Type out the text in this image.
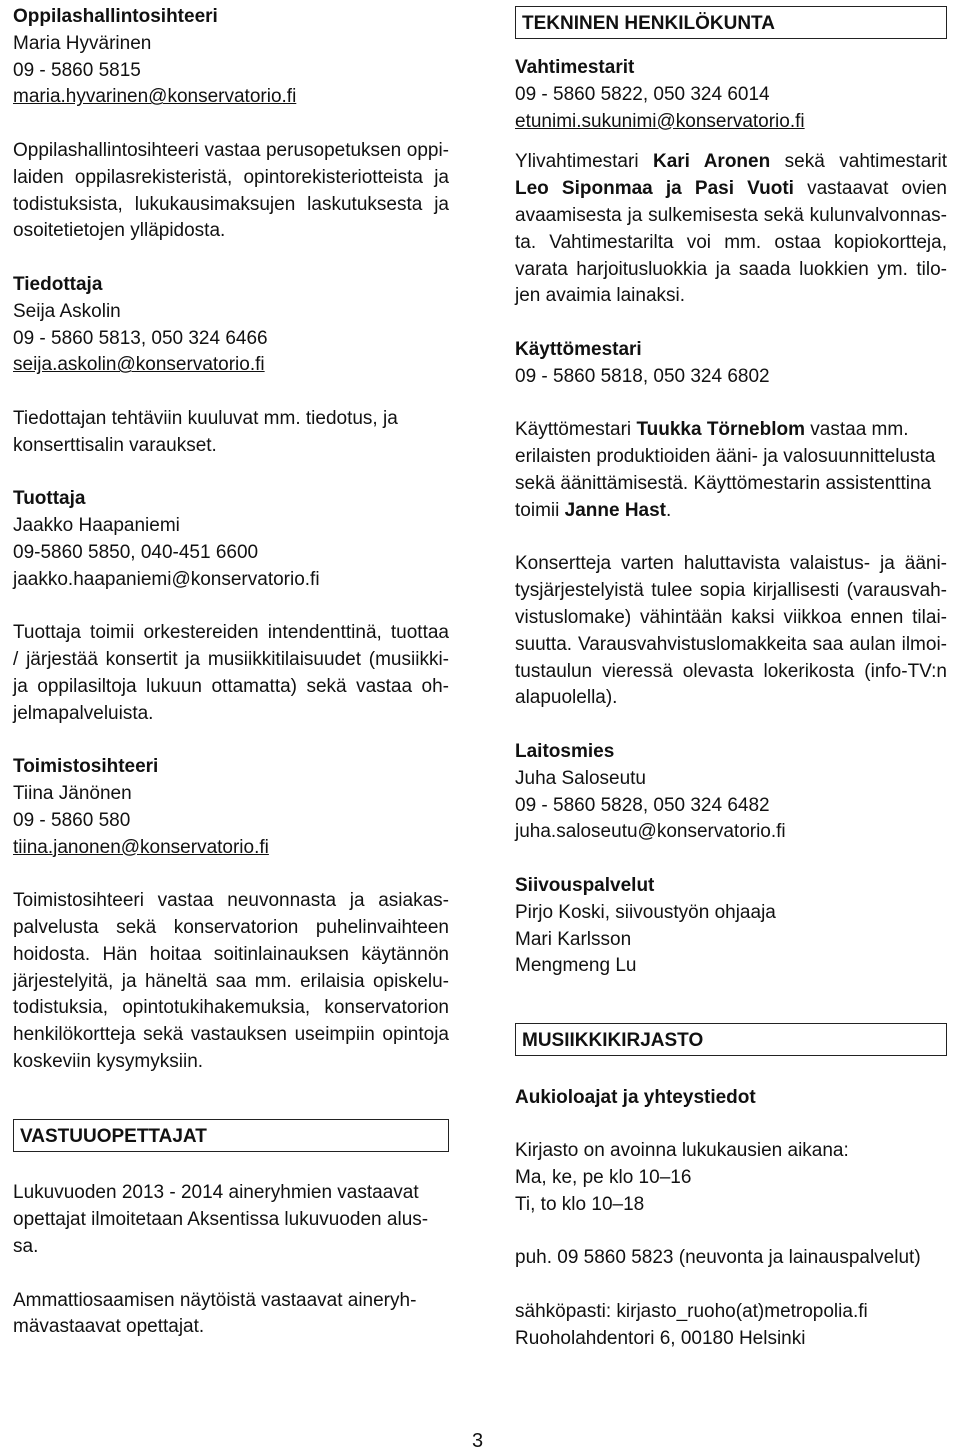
Oppilashallintosihteeri
Maria Hyvärinen
09 - 5860 5815
maria.hyvarinen@konservatorio.fi
Oppilashallintosihteeri vastaa perusopetuksen oppi-
laiden oppilasrekisteristä, opintorekisteriotteista ja
todistuksista, lukukausimaksujen laskutuksesta ja
osoitetietojen ylläpidosta.
Tiedottaja
Seija Askolin
09 - 5860 5813, 050 324 6466
seija.askolin@konservatorio.fi
Tiedottajan tehtäviin kuuluvat mm. tiedotus, ja
konserttisalin varaukset.
Tuottaja
Jaakko Haapaniemi
09-5860 5850, 040-451 6600
jaakko.haapaniemi@konservatorio.fi
Tuottaja toimii orkestereiden intendenttinä, tuottaa
/ järjestää konsertit ja musiikkitilaisuudet (musiikki-
ja oppilasiltoja lukuun ottamatta) sekä vastaa oh-
jelmapalveluista.
Toimistosihteeri
Tiina Jänönen
09 - 5860 580
tiina.janonen@konservatorio.fi
Toimistosihteeri vastaa neuvonnasta ja asiakas-
palvelusta sekä konservatorion puhelinvaihteen
hoidosta. Hän hoitaa soitinlainauksen käytännön
järjestelyitä, ja häneltä saa mm. erilaisia opiskelu-
todistuksia, opintotukihakemuksia, konservatorion
henkilökortteja sekä vastauksen useimpiin opintoja
koskeviin kysymyksiin.
VASTUUOPETTAJAT
Lukuvuoden 2013 - 2014 aineryhmien vastaavat
opettajat ilmoitetaan Aksentissa lukuvuoden alus-
sa.
Ammattiosaamisen näytöistä vastaavat aineryh-
mävastaavat opettajat.
TEKNINEN HENKILÖKUNTA
Vahtimestarit
09 - 5860 5822, 050 324 6014
etunimi.sukunimi@konservatorio.fi
Ylivahtimestari Kari Aronen sekä vahtimestarit
Leo Siponmaa ja Pasi Vuoti vastaavat ovien
avaamisesta ja sulkemisesta sekä kulunvalvonnas-
ta. Vahtimestarilta voi mm. ostaa kopiokortteja,
varata harjoitusluokkia ja saada luokkien ym. tilo-
jen avaimia lainaksi.
Käyttömestari
09 - 5860 5818, 050 324 6802
Käyttömestari Tuukka Törneblom vastaa mm.
erilaisten produktioiden ääni- ja valosuunnittelusta
sekä äänittämisestä. Käyttömestarin assistenttina
toimii Janne Hast.
Konsertteja varten haluttavista valaistus- ja ääni-
tysjärjestelyistä tulee sopia kirjallisesti (varausvah-
vistuslomake) vähintään kaksi viikkoa ennen tilai-
suutta. Varausvahvistuslomakkeita saa aulan ilmoi-
tustaulun vieressä olevasta lokerikosta (info-TV:n
alapuolella).
Laitosmies
Juha Saloseutu
09 - 5860 5828, 050 324 6482
juha.saloseutu@konservatorio.fi
Siivouspalvelut
Pirjo Koski, siivoustyön ohjaaja
Mari Karlsson
Mengmeng Lu
MUSIIKKIKIRJASTO
Aukioloajat ja yhteystiedot
Kirjasto on avoinna lukukausien aikana:
Ma, ke, pe klo 10–16
Ti, to klo 10–18
puh. 09 5860 5823 (neuvonta ja lainauspalvelut)
sähköpasti: kirjasto_ruoho(at)metropolia.fi
Ruoholahdentori 6, 00180 Helsinki
3
